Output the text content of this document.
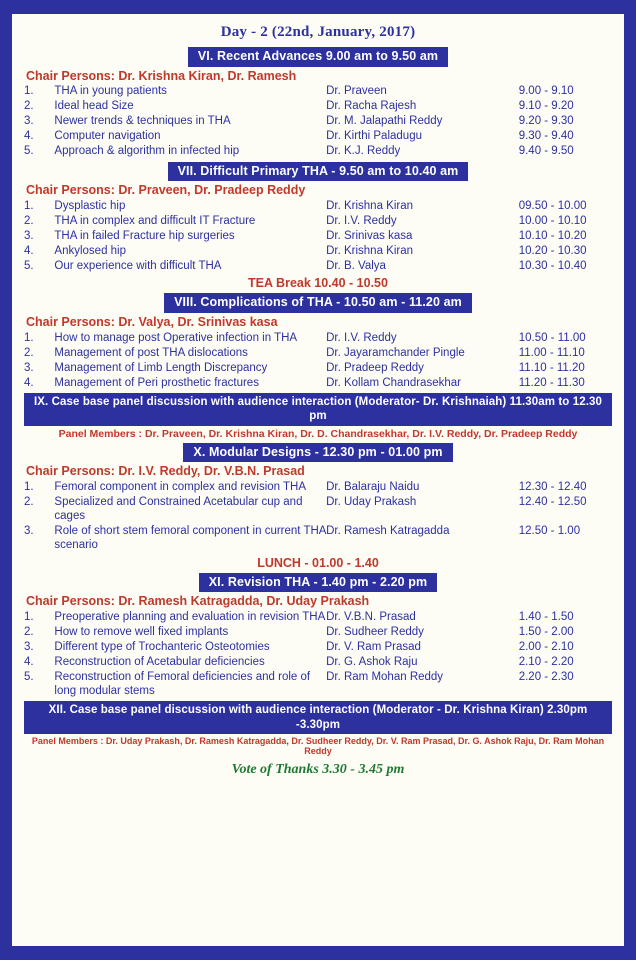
Day - 2 (22nd, January, 2017)
VI. Recent Advances 9.00 am to 9.50 am
Chair Persons: Dr. Krishna Kiran, Dr. Ramesh
1.	THA in young patients	Dr. Praveen	9.00 - 9.10
2.	Ideal head Size	Dr. Racha Rajesh	9.10 - 9.20
3.	Newer trends & techniques in THA	Dr. M. Jalapathi Reddy	9.20 - 9.30
4.	Computer navigation	Dr. Kirthi Paladugu	9.30 - 9.40
5.	Approach & algorithm in infected hip	Dr. K.J. Reddy	9.40 - 9.50
VII. Difficult Primary THA - 9.50 am to 10.40 am
Chair Persons: Dr. Praveen, Dr. Pradeep Reddy
1.	Dysplastic hip	Dr. Krishna Kiran	09.50 - 10.00
2.	THA in complex and difficult IT Fracture	Dr. I.V. Reddy	10.00 - 10.10
3.	THA in failed Fracture hip surgeries	Dr. Srinivas kasa	10.10 - 10.20
4.	Ankylosed hip	Dr. Krishna Kiran	10.20 - 10.30
5.	Our experience with difficult THA	Dr. B. Valya	10.30 - 10.40
TEA Break 10.40 - 10.50
VIII. Complications of THA - 10.50 am - 11.20 am
Chair Persons: Dr. Valya, Dr. Srinivas kasa
1.	How to manage post Operative infection in THA	Dr. I.V. Reddy	10.50 - 11.00
2.	Management of post THA dislocations	Dr. Jayaramchander Pingle	11.00 - 11.10
3.	Management of Limb Length Discrepancy	Dr. Pradeep Reddy	11.10 - 11.20
4.	Management of Peri prosthetic fractures	Dr. Kollam Chandrasekhar	11.20 - 11.30
IX. Case base panel discussion with audience interaction (Moderator- Dr. Krishnaiah) 11.30am to 12.30 pm
Panel Members : Dr. Praveen, Dr. Krishna Kiran, Dr. D. Chandrasekhar, Dr. I.V. Reddy, Dr. Pradeep Reddy
X. Modular Designs - 12.30 pm - 01.00 pm
Chair Persons: Dr. I.V. Reddy, Dr. V.B.N. Prasad
1.	Femoral component in complex and revision THA	Dr. Balaraju Naidu	12.30 - 12.40
2.	Specialized and Constrained Acetabular cup and cages	Dr. Uday Prakash	12.40 - 12.50
3.	Role of short stem femoral component in current THA scenario	Dr. Ramesh Katragadda	12.50 - 1.00
LUNCH - 01.00 - 1.40
XI. Revision THA - 1.40 pm - 2.20 pm
Chair Persons: Dr. Ramesh Katragadda, Dr. Uday Prakash
1.	Preoperative planning and evaluation in revision THA	Dr. V.B.N. Prasad	1.40 - 1.50
2.	How to remove well fixed implants	Dr. Sudheer Reddy	1.50 - 2.00
3.	Different type of Trochanteric Osteotomies	Dr. V. Ram Prasad	2.00 - 2.10
4.	Reconstruction of Acetabular deficiencies	Dr. G. Ashok Raju	2.10 - 2.20
5.	Reconstruction of Femoral deficiencies and role of long modular stems	Dr. Ram Mohan Reddy	2.20 - 2.30
XII. Case base panel discussion with audience interaction (Moderator - Dr. Krishna Kiran) 2.30pm -3.30pm
Panel Members : Dr. Uday Prakash, Dr. Ramesh Katragadda, Dr. Sudheer Reddy, Dr. V. Ram Prasad, Dr. G. Ashok Raju, Dr. Ram Mohan Reddy
Vote of Thanks 3.30 - 3.45 pm
